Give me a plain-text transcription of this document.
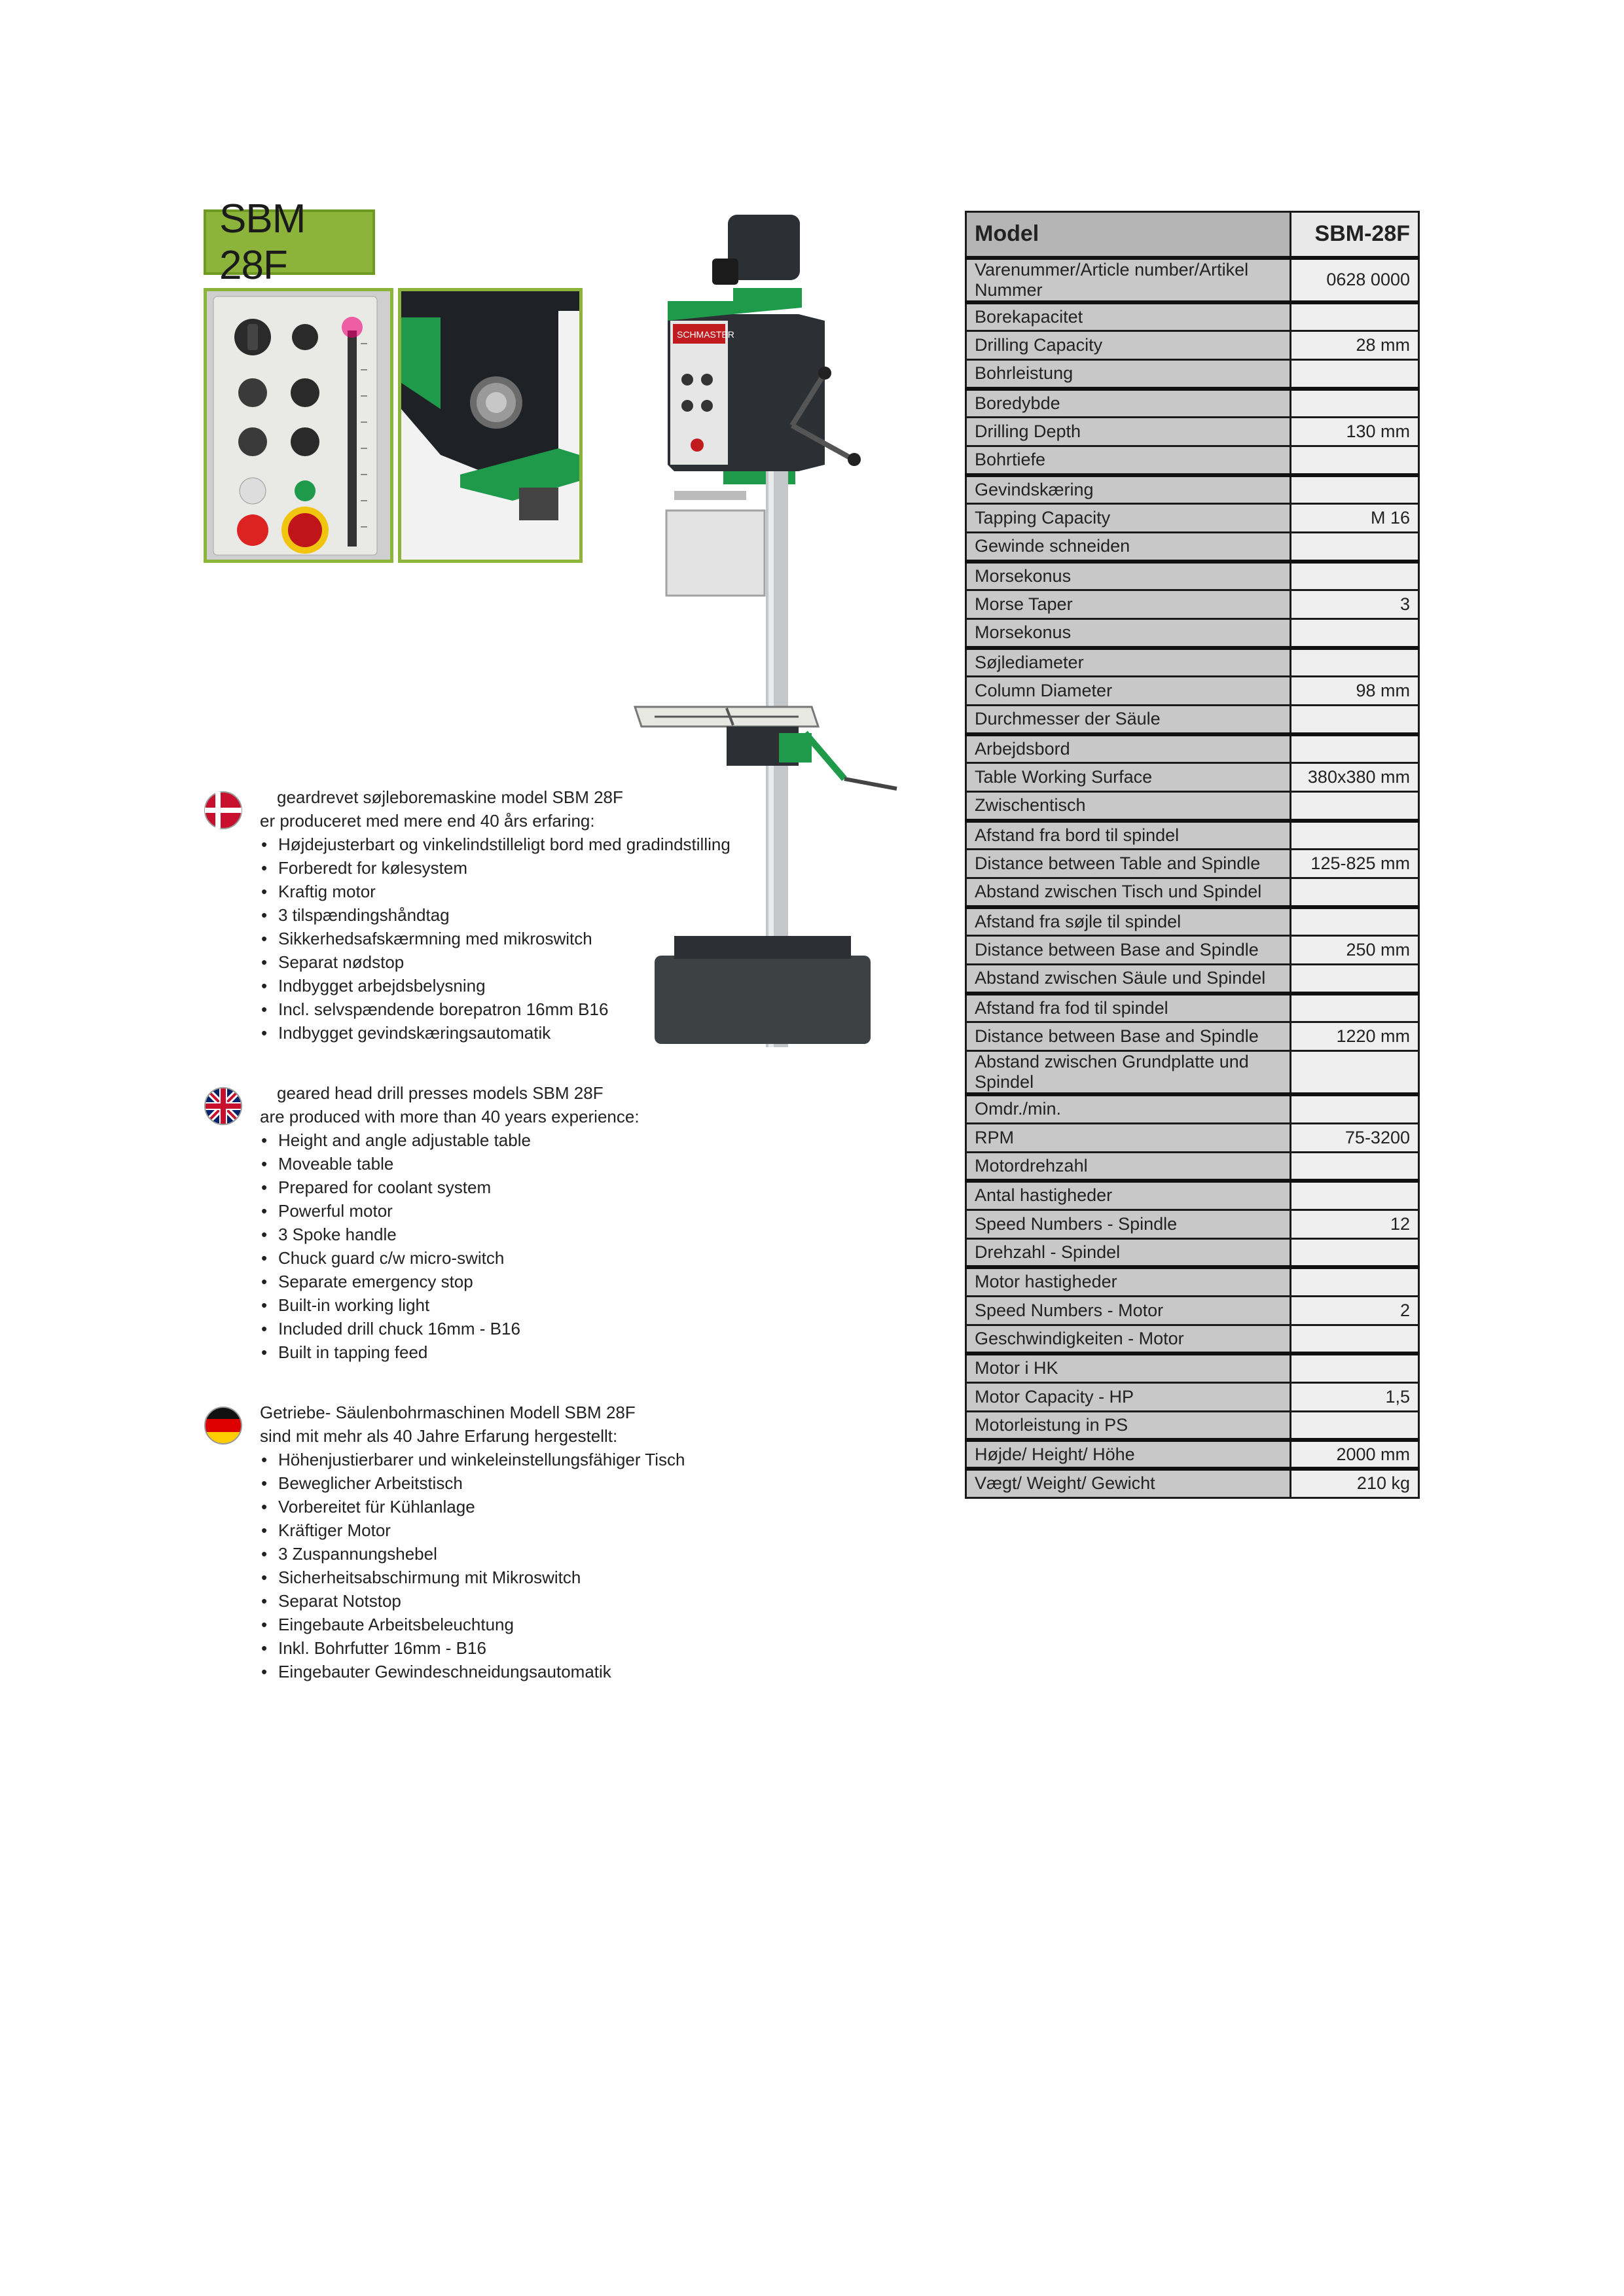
SBM 28F
SCHMASTER
geardrevet søjleboremaskine model SBM 28F
er produceret med mere end 40 års erfaring:
• Højdejusterbart og vinkelindstilleligt bord med gradindstilling
• Forberedt for kølesystem
• Kraftig motor
• 3 tilspændingshåndtag
• Sikkerhedsafskærmning med mikroswitch
• Separat nødstop
• Indbygget arbejdsbelysning
• Incl. selvspændende borepatron 16mm B16
• Indbygget gevindskæringsautomatik
geared head drill presses models SBM 28F
are produced with more than 40 years experience:
• Height and angle adjustable table
• Moveable table
• Prepared for coolant system
• Powerful motor
• 3 Spoke handle
• Chuck guard c/w micro-switch
• Separate emergency stop
• Built-in working light
• Included drill chuck 16mm - B16
• Built in tapping feed
Getriebe- Säulenbohrmaschinen Modell SBM 28F
sind mit mehr als 40 Jahre Erfarung hergestellt:
• Höhenjustierbarer und winkeleinstellungsfähiger Tisch
• Beweglicher Arbeitstisch
• Vorbereitet für Kühlanlage
• Kräftiger Motor
• 3 Zuspannungshebel
• Sicherheitsabschirmung mit Mikroswitch
• Separat Notstop
• Eingebaute Arbeitsbeleuchtung
• Inkl. Bohrfutter 16mm - B16
• Eingebauter Gewindeschneidungsautomatik
Model	SBM-28F
Varenummer/Article number/Artikel Nummer	0628 0000
Borekapacitet	
Drilling Capacity	28 mm
Bohrleistung	
Boredybde	
Drilling Depth	130 mm
Bohrtiefe	
Gevindskæring	
Tapping Capacity	M 16
Gewinde schneiden	
Morsekonus	
Morse Taper	3
Morsekonus	
Søjlediameter	
Column Diameter	98 mm
Durchmesser der Säule	
Arbejdsbord	
Table Working Surface	380x380 mm
Zwischentisch	
Afstand fra bord til spindel	
Distance between Table and Spindle	125-825 mm
Abstand zwischen Tisch und Spindel	
Afstand fra søjle til spindel	
Distance between Base and Spindle	250 mm
Abstand zwischen Säule und Spindel	
Afstand fra fod til spindel	
Distance between Base and Spindle	1220 mm
Abstand zwischen Grundplatte und Spindel	
Omdr./min.	
RPM	75-3200
Motordrehzahl	
Antal hastigheder	
Speed Numbers - Spindle	12
Drehzahl - Spindel	
Motor hastigheder	
Speed Numbers - Motor	2
Geschwindigkeiten - Motor	
Motor i HK	
Motor Capacity - HP	1,5
Motorleistung in PS	
Højde/ Height/ Höhe	2000 mm
Vægt/ Weight/ Gewicht	210 kg
